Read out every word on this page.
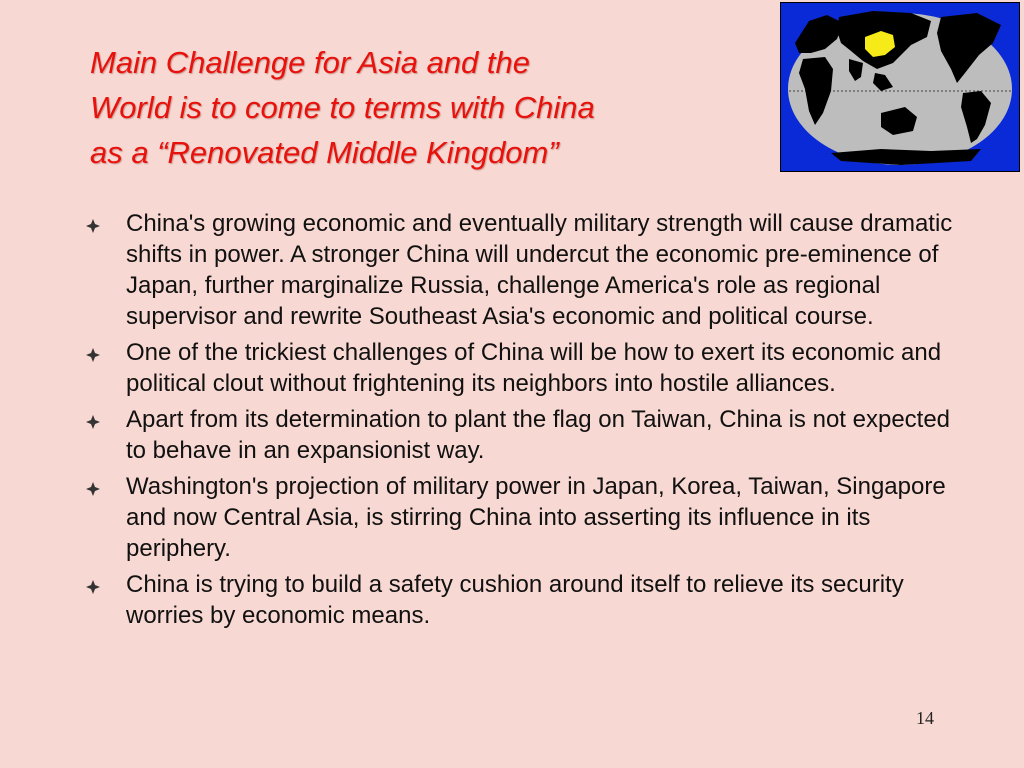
Main Challenge for Asia and the
World is to come to terms with China
as a “Renovated Middle Kingdom”
China's growing economic and eventually military strength will cause dramatic shifts in power. A stronger China will undercut the economic pre-eminence of Japan, further marginalize Russia, challenge America's role as regional supervisor and rewrite Southeast Asia's economic and political course.
One of the trickiest challenges of China will be how to exert its economic and political clout without frightening its neighbors into hostile alliances.
Apart from its determination to plant the flag on Taiwan, China is not expected to behave in an expansionist way.
Washington's projection of military power in Japan, Korea, Taiwan, Singapore and now Central Asia, is stirring China into asserting its influence in its periphery.
China is trying to build a safety cushion around itself to relieve its security worries by economic means.
14
